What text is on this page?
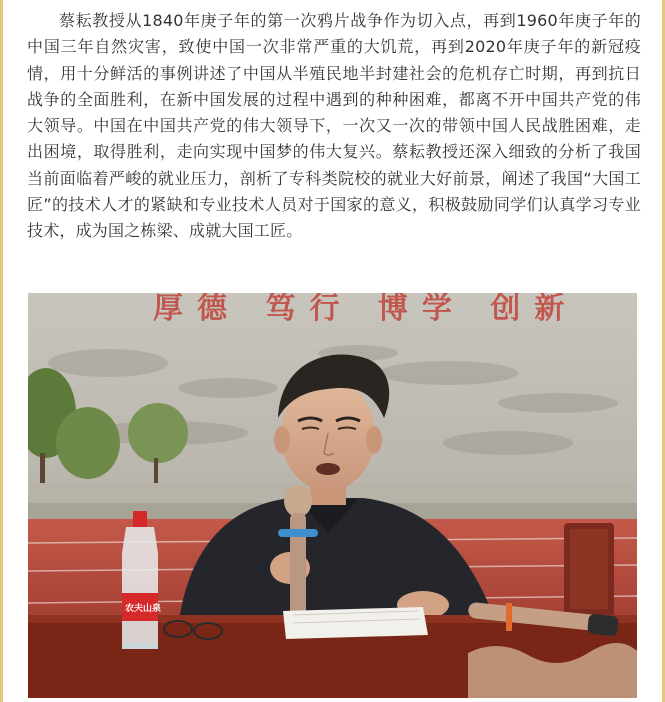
蔡耘教授从1840年庚子年的第一次鸦片战争作为切入点，再到1960年庚子年的中国三年自然灾害，致使中国一次非常严重的大饥荒，再到2020年庚子年的新冠疫情，用十分鲜活的事例讲述了中国从半殖民地半封建社会的危机存亡时期，再到抗日战争的全面胜利，在新中国发展的过程中遇到的种种困难，都离不开中国共产党的伟大领导。中国在中国共产党的伟大领导下，一次又一次的带领中国人民战胜困难，走出困境，取得胜利，走向实现中国梦的伟大复兴。蔡耘教授还深入细致的分析了我国当前面临着严峻的就业压力，剖析了专科类院校的就业大好前景，阐述了我国“大国工匠”的技术人才的紧缺和专业技术人员对于国家的意义，积极鼓励同学们认真学习专业技术，成为国之栋梁、成就大国工匠。

厚德 笃行 博学 创新
农夫山泉
